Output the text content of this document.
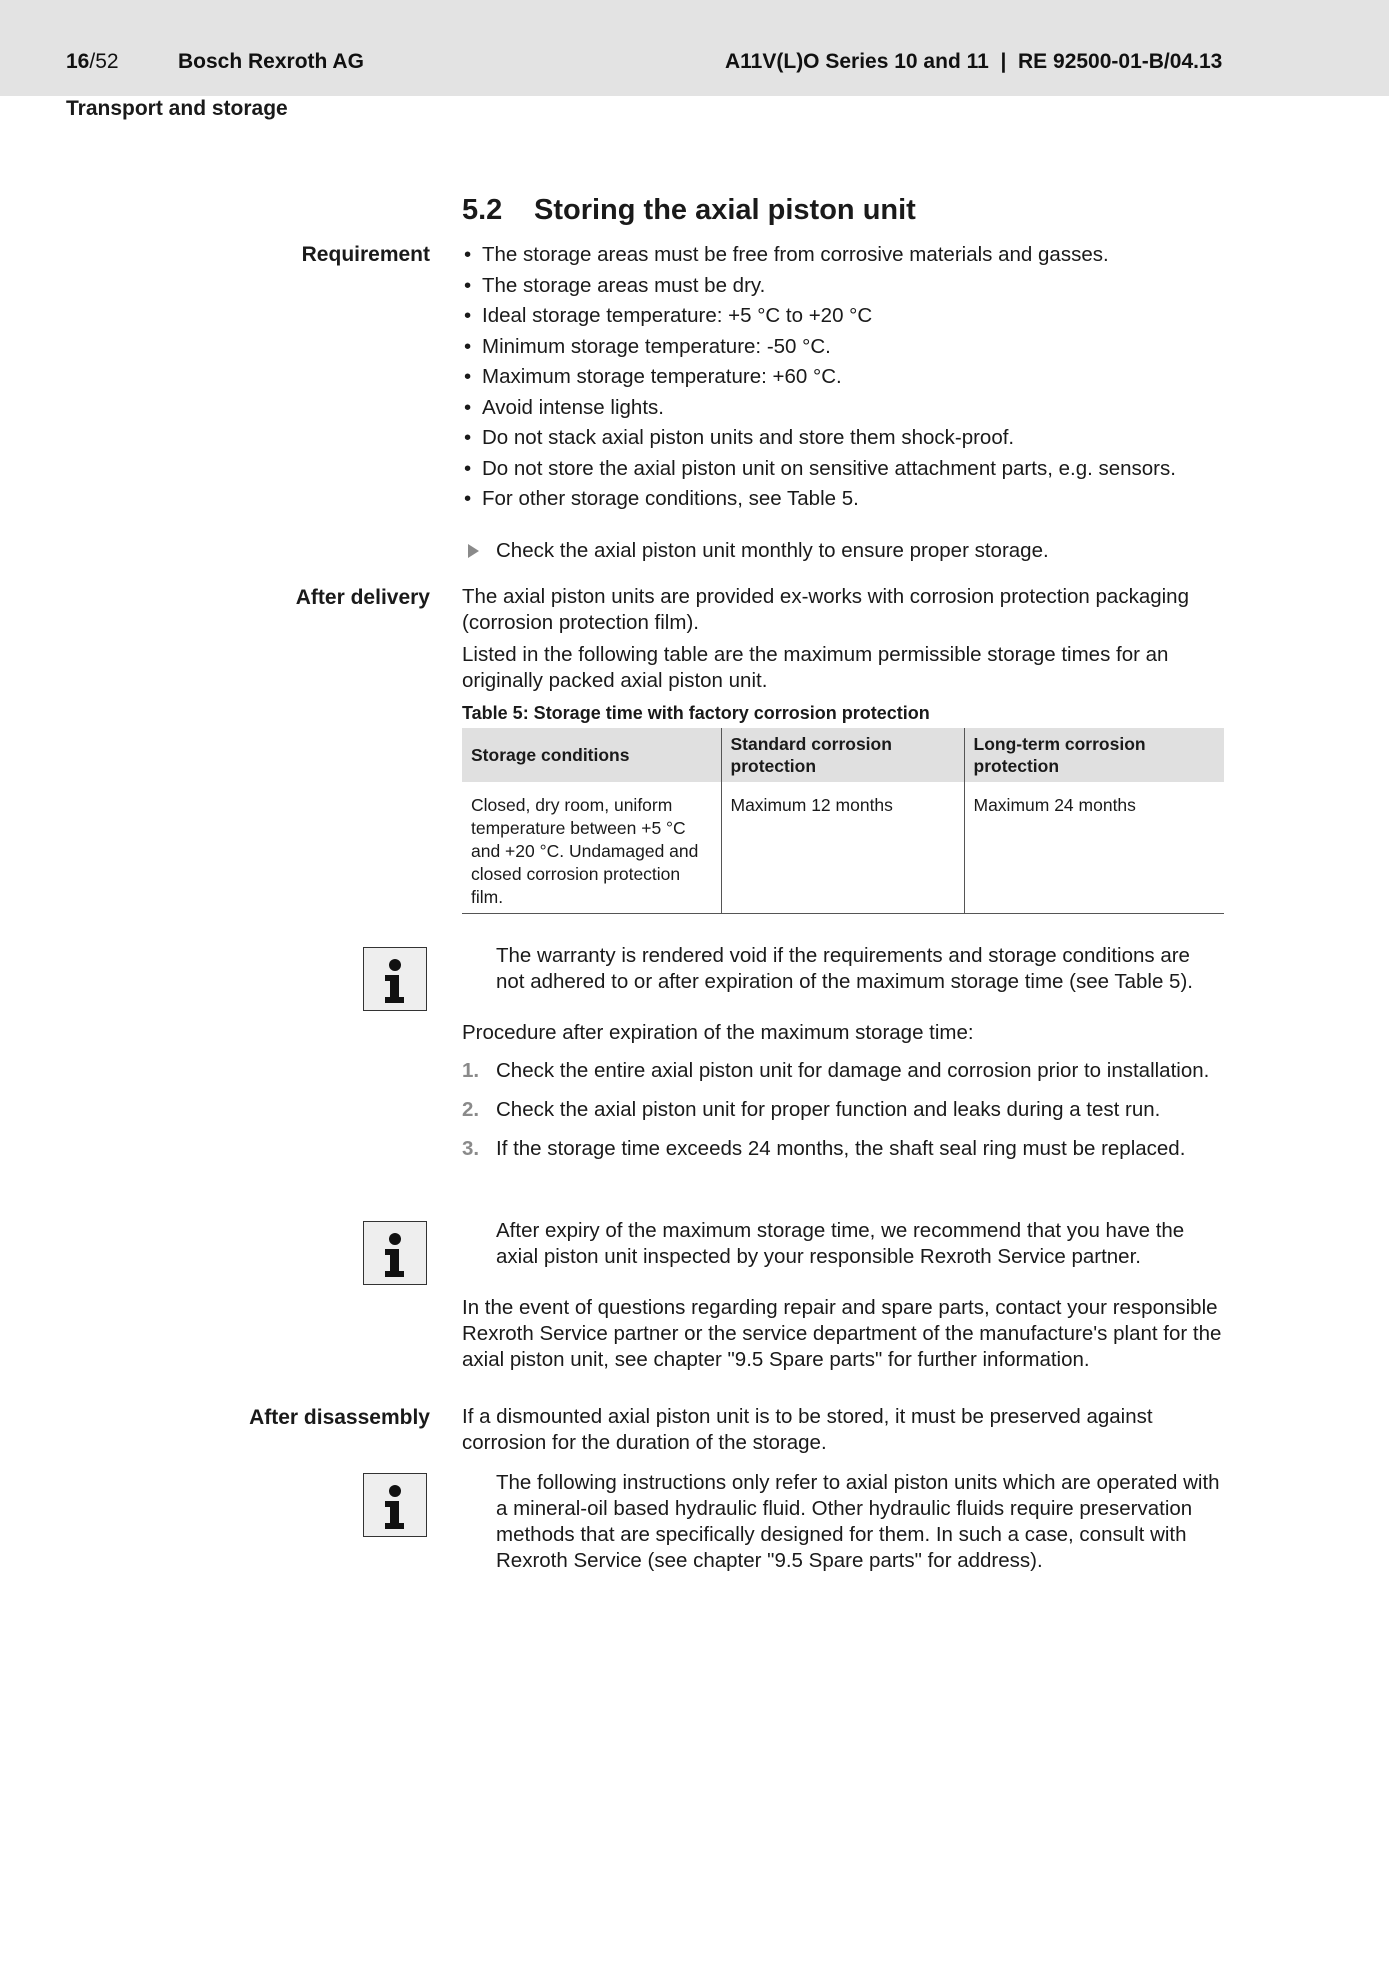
16/52	Bosch Rexroth AG	A11V(L)O Series 10 and 11  |  RE 92500-01-B/04.13
Transport and storage
5.2 Storing the axial piston unit
Requirement	• The storage areas must be free from corrosive materials and gasses.
• The storage areas must be dry.
• Ideal storage temperature: +5 °C to +20 °C
• Minimum storage temperature: -50 °C.
• Maximum storage temperature: +60 °C.
• Avoid intense lights.
• Do not stack axial piston units and store them shock-proof.
• Do not store the axial piston unit on sensitive attachment parts, e.g. sensors.
• For other storage conditions, see Table 5.
Check the axial piston unit monthly to ensure proper storage.
After delivery The axial piston units are provided ex-works with corrosion protection packaging (corrosion protection film).
Listed in the following table are the maximum permissible storage times for an originally packed axial piston unit.
Table 5: Storage time with factory corrosion protection
Storage conditions	Standard corrosion protection	Long-term corrosion protection
Closed, dry room, uniform temperature between +5 °C and +20 °C. Undamaged and closed corrosion protection film.	Maximum 12 months	Maximum 24 months
The warranty is rendered void if the requirements and storage conditions are not adhered to or after expiration of the maximum storage time (see Table 5).
Procedure after expiration of the maximum storage time:
1. Check the entire axial piston unit for damage and corrosion prior to installation.
2. Check the axial piston unit for proper function and leaks during a test run.
3. If the storage time exceeds 24 months, the shaft seal ring must be replaced.
After expiry of the maximum storage time, we recommend that you have the axial piston unit inspected by your responsible Rexroth Service partner.
In the event of questions regarding repair and spare parts, contact your responsible Rexroth Service partner or the service department of the manufacture's plant for the axial piston unit, see chapter "9.5 Spare parts" for further information.
After disassembly If a dismounted axial piston unit is to be stored, it must be preserved against corrosion for the duration of the storage.
The following instructions only refer to axial piston units which are operated with a mineral-oil based hydraulic fluid. Other hydraulic fluids require preservation methods that are specifically designed for them. In such a case, consult with Rexroth Service (see chapter "9.5 Spare parts" for address).
